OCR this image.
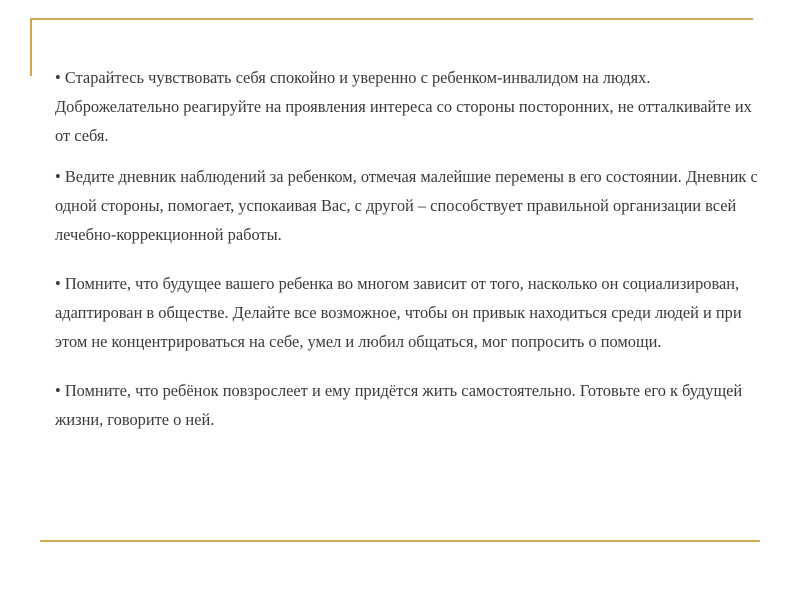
• Старайтесь чувствовать себя спокойно и уверенно с ребенком-инвалидом на людях. Доброжелательно реагируйте на проявления интереса со стороны посторонних, не отталкивайте их от себя.

• Ведите дневник наблюдений за ребенком, отмечая малейшие перемены в его состоянии. Дневник с одной стороны, помогает, успокаивая Вас, с другой – способствует правильной организации всей лечебно-коррекционной работы.

• Помните, что будущее вашего ребенка во многом зависит от того, насколько он социализирован, адаптирован в обществе. Делайте все возможное, чтобы он привык находиться среди людей и при этом не концентрироваться на себе, умел и любил общаться, мог попросить о помощи.

• Помните, что ребёнок повзрослеет и ему придётся жить самостоятельно. Готовьте его к будущей жизни, говорите о ней.
